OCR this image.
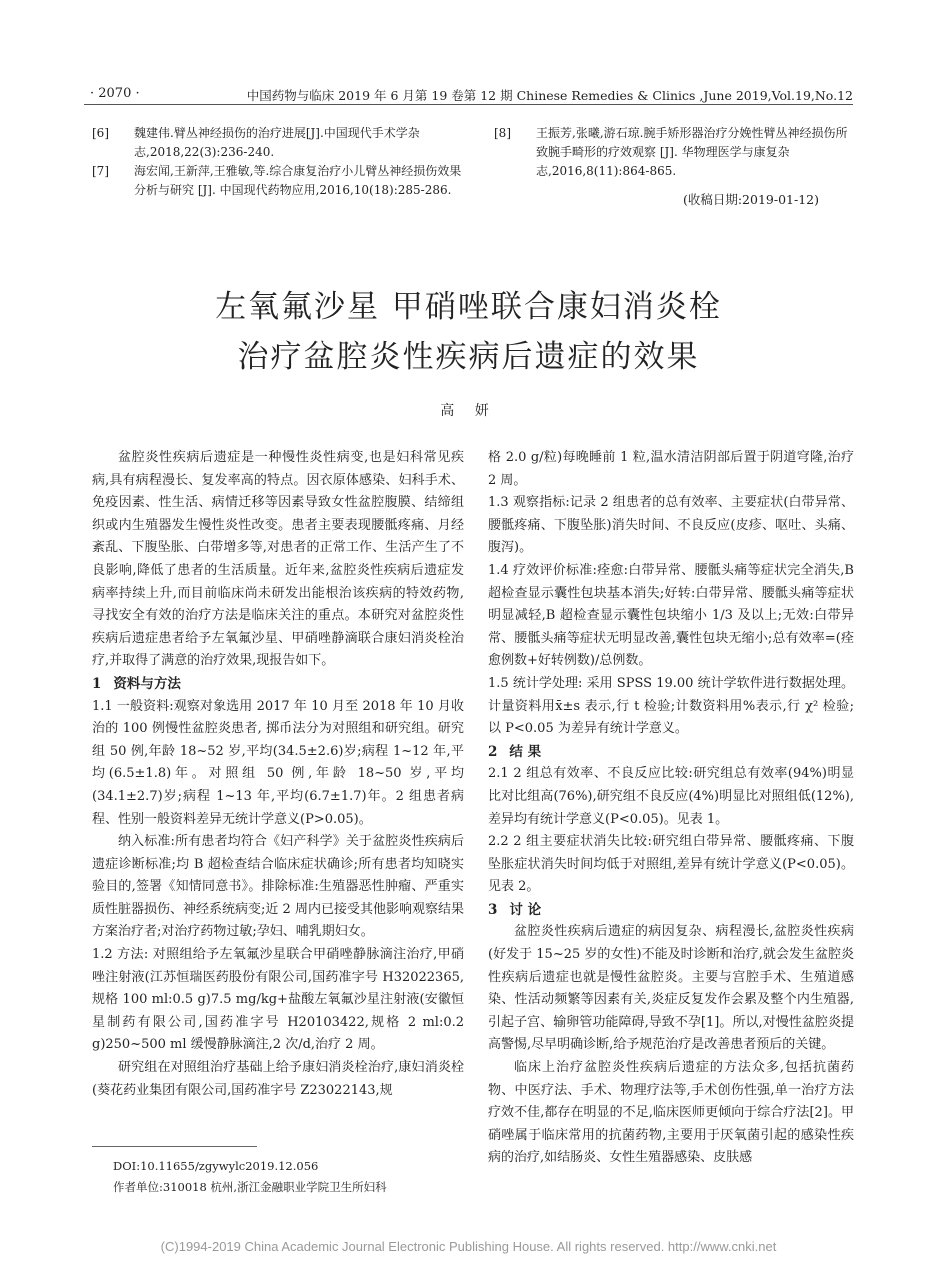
· 2070 ·	中国药物与临床 2019 年 6 月第 19 卷第 12 期 Chinese Remedies & Clinics ,June 2019,Vol.19,No.12

[6] 魏建伟.臂丛神经损伤的治疗进展[J].中国现代手术学杂志,2018,22(3):236-240.

[7] 海宏闻,王新萍,王雅敏,等.综合康复治疗小儿臂丛神经损伤效果分析与研究 [J]. 中国现代药物应用,2016,10(18):285-286.

[8] 王振芳,张曦,游石琼.腕手矫形器治疗分娩性臂丛神经损伤所致腕手畸形的疗效观察 [J]. 华物理医学与康复杂志,2016,8(11):864-865.

(收稿日期:2019-01-12)
左氧氟沙星 甲硝唑联合康妇消炎栓
治疗盆腔炎性疾病后遗症的效果
高 妍

盆腔炎性疾病后遗症是一种慢性炎性病变,也是妇科常见疾病,具有病程漫长、复发率高的特点。因衣原体感染、妇科手术、免疫因素、性生活、病情迁移等因素导致女性盆腔腹膜、结缔组织或内生殖器发生慢性炎性改变。患者主要表现腰骶疼痛、月经紊乱、下腹坠胀、白带增多等,对患者的正常工作、生活产生了不良影响,降低了患者的生活质量。近年来,盆腔炎性疾病后遗症发病率持续上升,而目前临床尚未研发出能根治该疾病的特效药物,寻找安全有效的治疗方法是临床关注的重点。本研究对盆腔炎性疾病后遗症患者给予左氧氟沙星、甲硝唑静滴联合康妇消炎栓治疗,并取得了满意的治疗效果,现报告如下。

1 资料与方法

1.1 一般资料:观察对象选用 2017 年 10 月至 2018 年 10 月收治的 100 例慢性盆腔炎患者, 掷币法分为对照组和研究组。研究组 50 例,年龄 18~52 岁,平均(34.5±2.6)岁;病程 1~12 年,平均(6.5±1.8)年。对照组 50 例,年龄 18~50 岁,平均(34.1±2.7)岁;病程 1~13 年,平均(6.7±1.7)年。2 组患者病程、性别一般资料差异无统计学意义(P>0.05)。

纳入标准:所有患者均符合《妇产科学》关于盆腔炎性疾病后遗症诊断标准;均 B 超检查结合临床症状确诊;所有患者均知晓实验目的,签署《知情同意书》。排除标准:生殖器恶性肿瘤、严重实质性脏器损伤、神经系统病变;近 2 周内已接受其他影响观察结果方案治疗者;对治疗药物过敏;孕妇、哺乳期妇女。

1.2 方法: 对照组给予左氧氟沙星联合甲硝唑静脉滴注治疗,甲硝唑注射液(江苏恒瑞医药股份有限公司,国药准字号 H32022365,规格 100 ml:0.5 g)7.5 mg/kg+盐酸左氧氟沙星注射液(安徽恒星制药有限公司,国药准字号 H20103422,规格 2 ml:0.2 g)250~500 ml 缓慢静脉滴注,2 次/d,治疗 2 周。

研究组在对照组治疗基础上给予康妇消炎栓治疗,康妇消炎栓(葵花药业集团有限公司,国药准字号 Z23022143,规

格 2.0 g/粒)每晚睡前 1 粒,温水清洁阴部后置于阴道穹隆,治疗 2 周。

1.3 观察指标:记录 2 组患者的总有效率、主要症状(白带异常、腰骶疼痛、下腹坠胀)消失时间、不良反应(皮疹、呕吐、头痛、腹泻)。

1.4 疗效评价标准:痊愈:白带异常、腰骶头痛等症状完全消失,B 超检查显示囊性包块基本消失;好转:白带异常、腰骶头痛等症状明显减轻,B 超检查显示囊性包块缩小 1/3 及以上;无效:白带异常、腰骶头痛等症状无明显改善,囊性包块无缩小;总有效率=(痊愈例数+好转例数)/总例数。

1.5 统计学处理: 采用 SPSS 19.00 统计学软件进行数据处理。计量资料用x̄±s 表示,行 t 检验;计数资料用%表示,行 χ² 检验;以 P<0.05 为差异有统计学意义。

2 结 果

2.1 2 组总有效率、不良反应比较:研究组总有效率(94%)明显比对比组高(76%),研究组不良反应(4%)明显比对照组低(12%),差异均有统计学意义(P<0.05)。见表 1。

2.2 2 组主要症状消失比较:研究组白带异常、腰骶疼痛、下腹坠胀症状消失时间均低于对照组,差异有统计学意义(P<0.05)。见表 2。

3 讨 论

盆腔炎性疾病后遗症的病因复杂、病程漫长,盆腔炎性疾病(好发于 15~25 岁的女性)不能及时诊断和治疗,就会发生盆腔炎性疾病后遗症也就是慢性盆腔炎。主要与宫腔手术、生殖道感染、性活动频繁等因素有关,炎症反复发作会累及整个内生殖器,引起子宫、输卵管功能障碍,导致不孕[1]。所以,对慢性盆腔炎提高警惕,尽早明确诊断,给予规范治疗是改善患者预后的关键。

临床上治疗盆腔炎性疾病后遗症的方法众多,包括抗菌药物、中医疗法、手术、物理疗法等,手术创伤性强,单一治疗方法疗效不佳,都存在明显的不足,临床医师更倾向于综合疗法[2]。甲硝唑属于临床常用的抗菌药物,主要用于厌氧菌引起的感染性疾病的治疗,如结肠炎、女性生殖器感染、皮肤感

DOI:10.11655/zgywylc2019.12.056
作者单位:310018 杭州,浙江金融职业学院卫生所妇科
(C)1994-2019 China Academic Journal Electronic Publishing House. All rights reserved. http://www.cnki.net
